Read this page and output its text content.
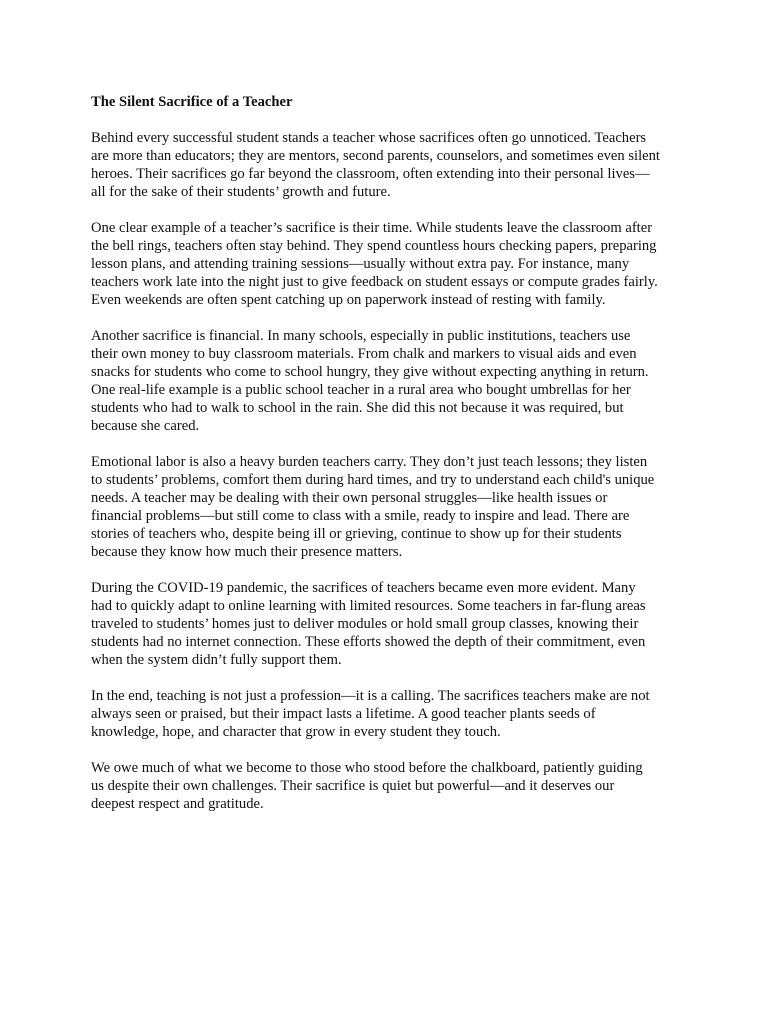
The Silent Sacrifice of a Teacher

Behind every successful student stands a teacher whose sacrifices often go unnoticed. Teachers
are more than educators; they are mentors, second parents, counselors, and sometimes even silent
heroes. Their sacrifices go far beyond the classroom, often extending into their personal lives—
all for the sake of their students’ growth and future.

One clear example of a teacher’s sacrifice is their time. While students leave the classroom after
the bell rings, teachers often stay behind. They spend countless hours checking papers, preparing
lesson plans, and attending training sessions—usually without extra pay. For instance, many
teachers work late into the night just to give feedback on student essays or compute grades fairly.
Even weekends are often spent catching up on paperwork instead of resting with family.

Another sacrifice is financial. In many schools, especially in public institutions, teachers use
their own money to buy classroom materials. From chalk and markers to visual aids and even
snacks for students who come to school hungry, they give without expecting anything in return.
One real-life example is a public school teacher in a rural area who bought umbrellas for her
students who had to walk to school in the rain. She did this not because it was required, but
because she cared.

Emotional labor is also a heavy burden teachers carry. They don’t just teach lessons; they listen
to students’ problems, comfort them during hard times, and try to understand each child's unique
needs. A teacher may be dealing with their own personal struggles—like health issues or
financial problems—but still come to class with a smile, ready to inspire and lead. There are
stories of teachers who, despite being ill or grieving, continue to show up for their students
because they know how much their presence matters.

During the COVID-19 pandemic, the sacrifices of teachers became even more evident. Many
had to quickly adapt to online learning with limited resources. Some teachers in far-flung areas
traveled to students’ homes just to deliver modules or hold small group classes, knowing their
students had no internet connection. These efforts showed the depth of their commitment, even
when the system didn’t fully support them.

In the end, teaching is not just a profession—it is a calling. The sacrifices teachers make are not
always seen or praised, but their impact lasts a lifetime. A good teacher plants seeds of
knowledge, hope, and character that grow in every student they touch.

We owe much of what we become to those who stood before the chalkboard, patiently guiding
us despite their own challenges. Their sacrifice is quiet but powerful—and it deserves our
deepest respect and gratitude.
